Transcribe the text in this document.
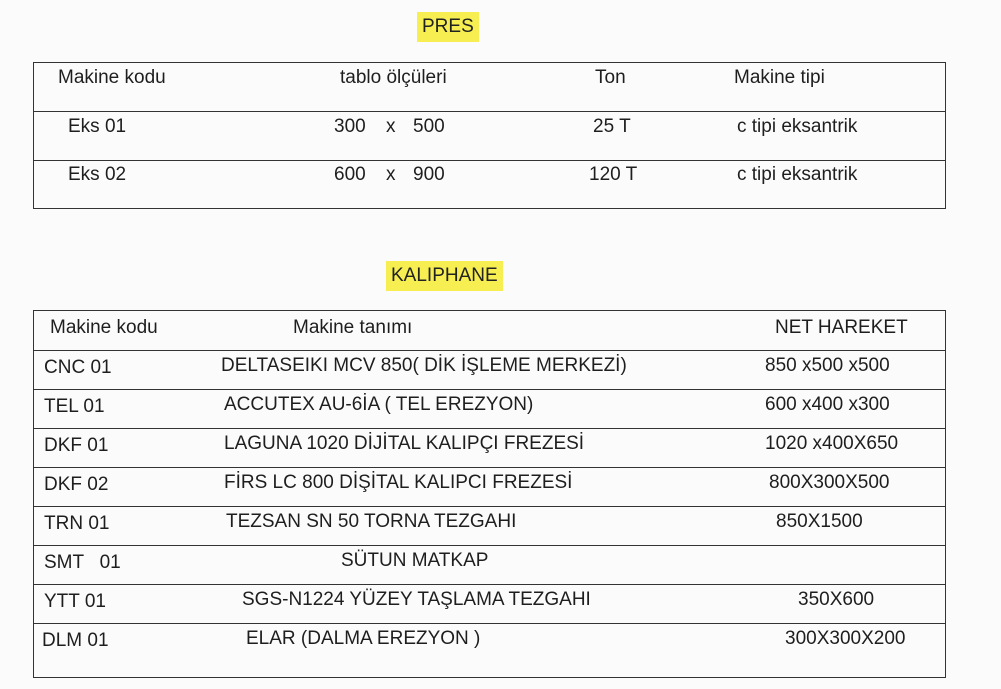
PRES
Makine kodu	tablo ölçüleri	Ton	Makine tipi
Eks 01	300 x 500	25 T	c tipi eksantrik
Eks 02	600 x 900	120 T	c tipi eksantrik
KALIPHANE
Makine kodu	Makine tanımı	NET HAREKET
CNC 01	DELTASEIKI MCV 850( DİK İŞLEME MERKEZİ)	850 x500 x500
TEL 01	ACCUTEX AU-6İA ( TEL EREZYON)	600 x400 x300
DKF 01	LAGUNA 1020 DİJİTAL KALIPÇI FREZESİ	1020 x400X650
DKF 02	FİRS LC 800 DİŞİTAL KALIPCI FREZESİ	800X300X500
TRN 01	TEZSAN SN 50 TORNA TEZGAHI	850X1500
SMT   01	SÜTUN MATKAP
YTT 01	SGS-N1224 YÜZEY TAŞLAMA TEZGAHI	350X600
DLM 01	ELAR (DALMA EREZYON )	300X300X200
